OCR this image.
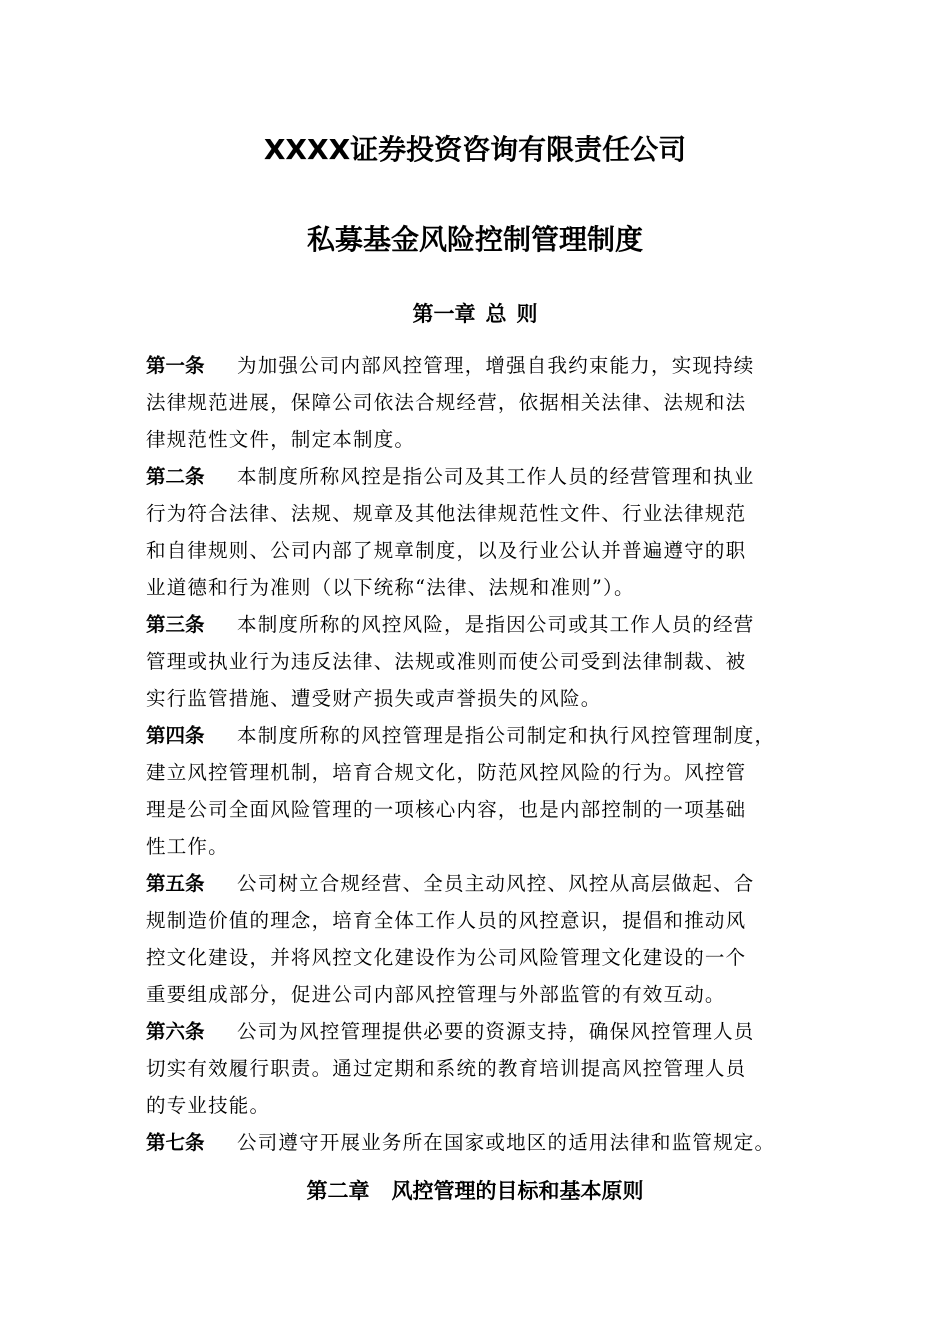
XXXX证券投资咨询有限责任公司
私募基金风险控制管理制度
第一章 总 则

第一条 为加强公司内部风控管理，增强自我约束能力，实现持续
法律规范进展，保障公司依法合规经营，依据相关法律、法规和法
律规范性文件，制定本制度。

第二条 本制度所称风控是指公司及其工作人员的经营管理和执业
行为符合法律、法规、规章及其他法律规范性文件、行业法律规范
和自律规则、公司内部了规章制度，以及行业公认并普遍遵守的职
业道德和行为准则（以下统称“法律、法规和准则”）。

第三条 本制度所称的风控风险，是指因公司或其工作人员的经营
管理或执业行为违反法律、法规或准则而使公司受到法律制裁、被
实行监管措施、遭受财产损失或声誉损失的风险。

第四条 本制度所称的风控管理是指公司制定和执行风控管理制度，
建立风控管理机制，培育合规文化，防范风控风险的行为。风控管
理是公司全面风险管理的一项核心内容，也是内部控制的一项基础
性工作。

第五条 公司树立合规经营、全员主动风控、风控从高层做起、合
规制造价值的理念，培育全体工作人员的风控意识，提倡和推动风
控文化建设，并将风控文化建设作为公司风险管理文化建设的一个
重要组成部分，促进公司内部风控管理与外部监管的有效互动。

第六条 公司为风控管理提供必要的资源支持，确保风控管理人员
切实有效履行职责。通过定期和系统的教育培训提高风控管理人员
的专业技能。

第七条 公司遵守开展业务所在国家或地区的适用法律和监管规定。

第二章 风控管理的目标和基本原则
